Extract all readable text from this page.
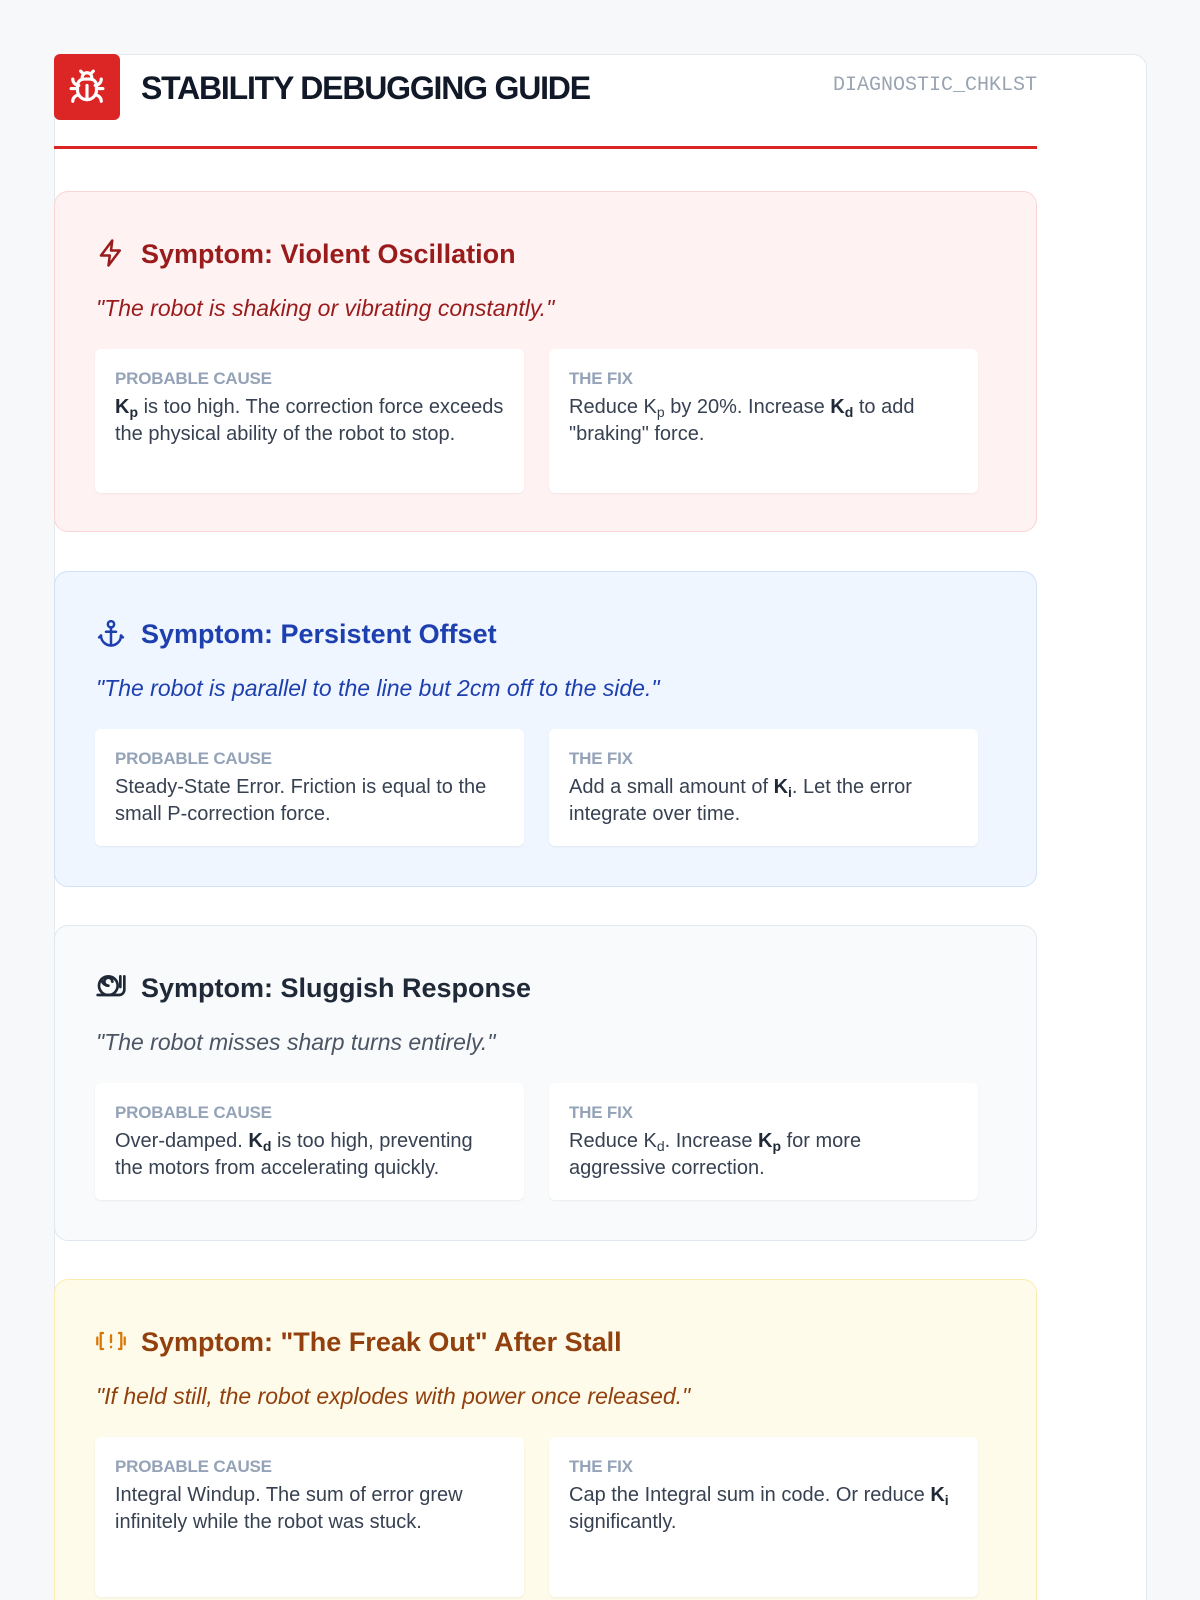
STABILITY DEBUGGING GUIDE	DIAGNOSTIC_CHKLST
Symptom: Violent Oscillation
"The robot is shaking or vibrating constantly."
PROBABLE CAUSE
$K_p$ is too high. The correction force exceeds the physical ability of the robot to stop.
THE FIX
Reduce $K_p$ by 20%. Increase $K_d$ to add "braking" force.
Symptom: Persistent Offset
"The robot is parallel to the line but 2cm off to the side."
PROBABLE CAUSE
Steady-State Error. Friction is equal to the small P-correction force.
THE FIX
Add a small amount of $K_i$. Let the error integrate over time.
Symptom: Sluggish Response
"The robot misses sharp turns entirely."
PROBABLE CAUSE
Over-damped. $K_d$ is too high, preventing the motors from accelerating quickly.
THE FIX
Reduce $K_d$. Increase $K_p$ for more aggressive correction.
Symptom: "The Freak Out" After Stall
"If held still, the robot explodes with power once released."
PROBABLE CAUSE
Integral Windup. The sum of error grew infinitely while the robot was stuck.
THE FIX
Cap the Integral sum in code. Or reduce $K_i$ significantly.
